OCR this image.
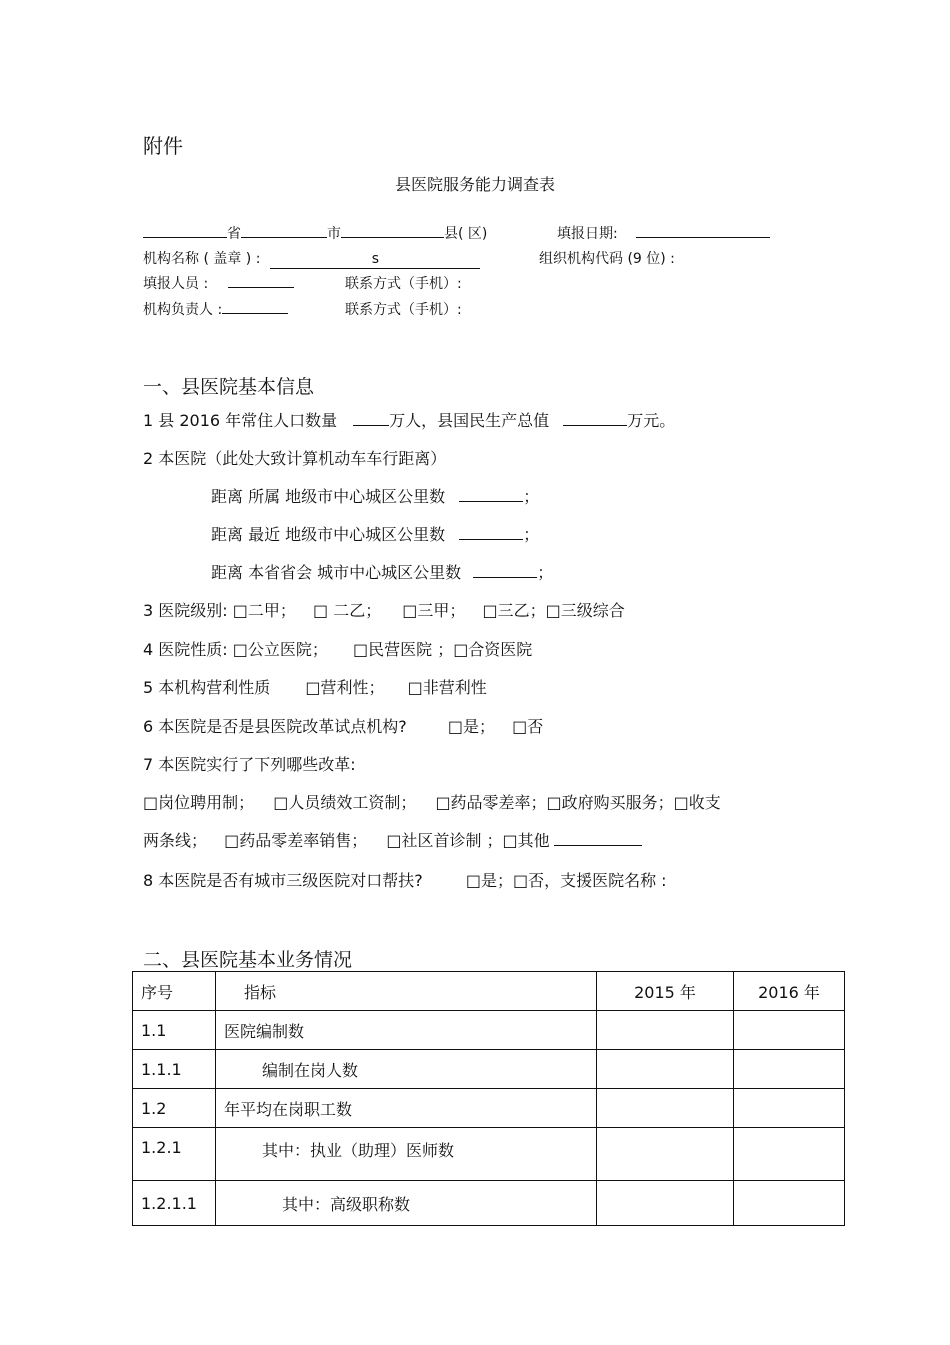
附件
县医院服务能力调查表
省	市	县( 区)	填报日期:
机构名称 ( 盖章 ) :	s	组织机构代码 (9 位) :
填报人员 :	联系方式（手机）:
机构负责人 :	联系方式（手机）:
一、县医院基本信息
1 县 2016 年常住人口数量	万人，县国民生产总值	万元。
2 本医院（此处大致计算机动车车行距离）
距离 所属 地级市中心城区公里数	；
距离 最近 地级市中心城区公里数	；
距离 本省省会 城市中心城区公里数	；
3 医院级别: □二甲； □ 二乙； □三甲； □三乙；□三级综合
4 医院性质: □公立医院； □民营医院 ；□合资医院
5 本机构营利性质 □营利性； □非营利性
6 本医院是否是县医院改革试点机构?	□是； □否
7 本医院实行了下列哪些改革:
□岗位聘用制； □人员绩效工资制； □药品零差率；□政府购买服务；□收支
两条线； □药品零差率销售； □社区首诊制 ；□其他
8 本医院是否有城市三级医院对口帮扶?	□是；□否，支援医院名称 :
二、县医院基本业务情况
序号	指标	2015 年	2016 年
1.1	医院编制数		
1.1.1	编制在岗人数		
1.2	年平均在岗职工数		
1.2.1	其中：执业（助理）医师数		
1.2.1.1	其中：高级职称数		
